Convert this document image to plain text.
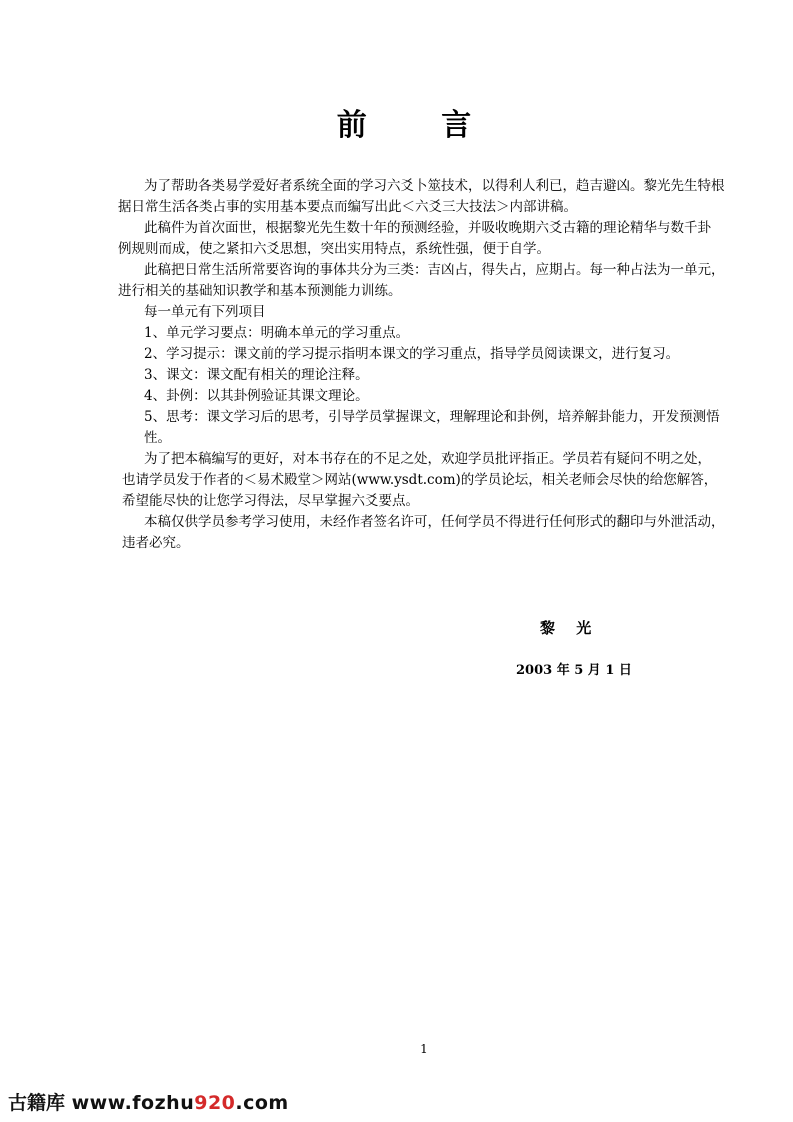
前 言

为了帮助各类易学爱好者系统全面的学习六爻卜筮技术，以得利人利已，趋吉避凶。黎光先生特根

据日常生活各类占事的实用基本要点而编写出此＜六爻三大技法＞内部讲稿。

此稿件为首次面世，根据黎光先生数十年的预测经验，并吸收晚期六爻古籍的理论精华与数千卦

例规则而成，使之紧扣六爻思想，突出实用特点，系统性强，便于自学。

此稿把日常生活所常要咨询的事体共分为三类：吉凶占，得失占，应期占。每一种占法为一单元，

进行相关的基础知识教学和基本预测能力训练。

每一单元有下列项目

1、单元学习要点：明确本单元的学习重点。

2、学习提示：课文前的学习提示指明本课文的学习重点，指导学员阅读课文，进行复习。

3、课文：课文配有相关的理论注释。

4、卦例：以其卦例验证其课文理论。

5、思考：课文学习后的思考，引导学员掌握课文，理解理论和卦例，培养解卦能力，开发预测悟

性。

为了把本稿编写的更好，对本书存在的不足之处，欢迎学员批评指正。学员若有疑问不明之处，

也请学员发于作者的＜易术殿堂＞网站(www.ysdt.com)的学员论坛，相关老师会尽快的给您解答，

希望能尽快的让您学习得法，尽早掌握六爻要点。

本稿仅供学员参考学习使用，未经作者签名许可，任何学员不得进行任何形式的翻印与外泄活动，

违者必究。

黎 光
2003 年 5 月 1 日
1
古籍库 www.fozhu920.com
